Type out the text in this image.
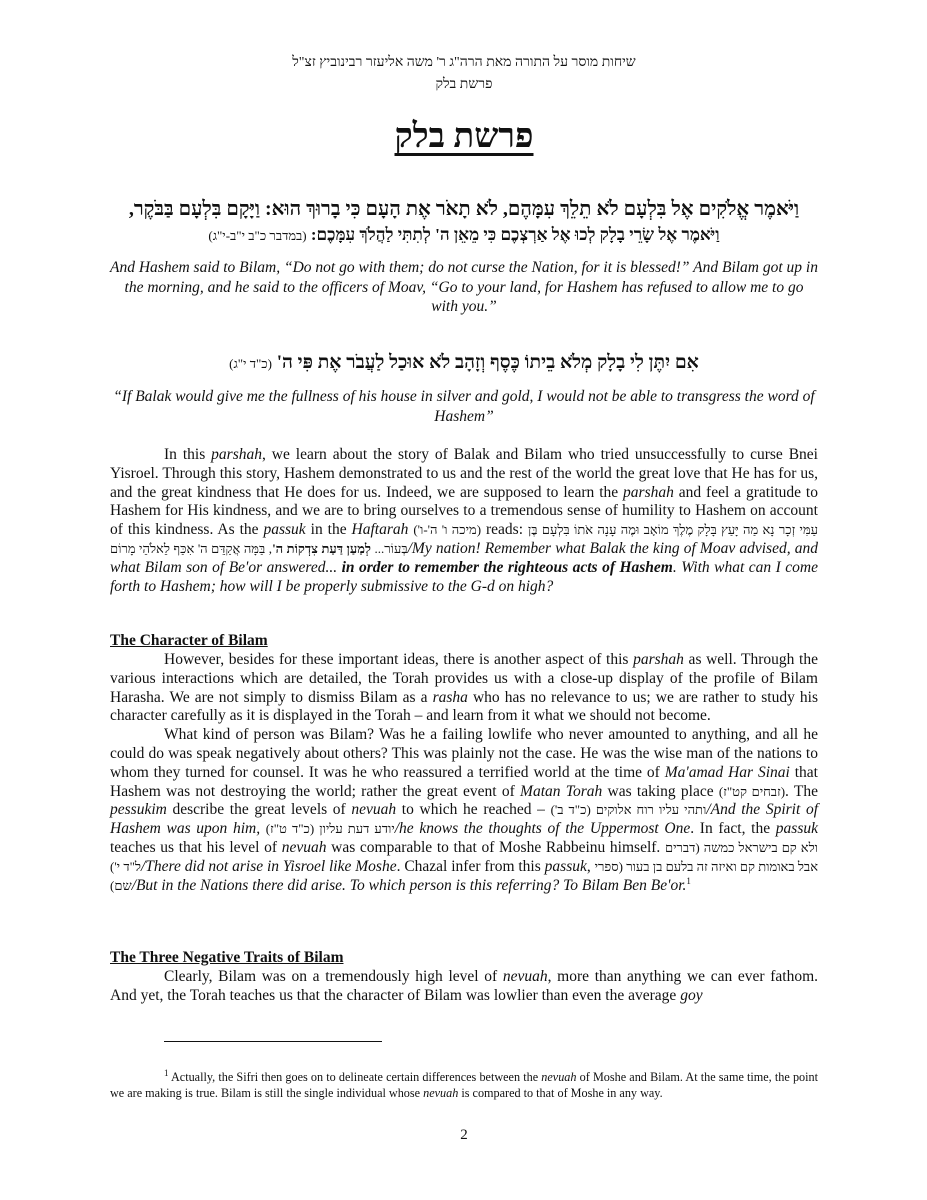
שיחות מוסר על התורה מאת הרה"ג ר' משה אליעזר רבינוביץ זצ"ל
פרשת בלק
פרשת בלק
וַיֹּאמֶר אֱלֹקִים אֶל בִּלְעָם לֹא תֵלֵךְ עִמָּהֶם, לֹא תָאֹר אֶת הָעָם כִּי בָרוּךְ הוּא: וַיָּקָם בִּלְעָם בַּבֹּקֶר,
וַיֹּאמֶר אֶל שָׂרֵי בָלָק לְכוּ אֶל אַרְצְכֶם כִּי מֵאֵן ה' לְתִתִּי לַהֲלֹךְ עִמָּכֶם: (במדבר כ"ב י"ב-י"ג)
And Hashem said to Bilam, “Do not go with them; do not curse the Nation, for it is blessed!” And Bilam got up in the morning, and he said to the officers of Moav, “Go to your land, for Hashem has refused to allow me to go with you.”
אִם יִתֶּן לִי בָלָק מְלֹא בֵיתוֹ כֶּסֶף וְזָהָב לֹא אוּכַל לַעֲבֹר אֶת פִּי ה' (כ"ד י"ג)
“If Balak would give me the fullness of his house in silver and gold, I would not be able to transgress the word of Hashem”

In this parshah, we learn about the story of Balak and Bilam who tried unsuccessfully to curse Bnei Yisroel. Through this story, Hashem demonstrated to us and the rest of the world the great love that He has for us, and the great kindness that He does for us. Indeed, we are supposed to learn the parshah and feel a gratitude to Hashem for His kindness, and we are to bring ourselves to a tremendous sense of humility to Hashem on account of this kindness. As the passuk in the Haftarah (מיכה ו' ה'-ו') reads: עַמִּי זְכָר נָא מַה יָּעַץ בָּלָק מֶלֶךְ מוֹאָב וּמֶה עָנָה אֹתוֹ בִּלְעָם בֶּן בְּעוֹר... לְמַעַן דַּעַת צִדְקוֹת ה', בַּמָּה אֲקַדֵּם ה' אִכַּף לֵאלֹהֵי מָרוֹם	/My nation! Remember what Balak the king of Moav advised, and what Bilam son of Be'or answered... in order to remember the righteous acts of Hashem. With what can I come forth to Hashem; how will I be properly submissive to the G-d on high?

The Character of Bilam

However, besides for these important ideas, there is another aspect of this parshah as well. Through the various interactions which are detailed, the Torah provides us with a close-up display of the profile of Bilam Harasha. We are not simply to dismiss Bilam as a rasha who has no relevance to us; we are rather to study his character carefully as it is displayed in the Torah – and learn from it what we should not become.

What kind of person was Bilam? Was he a failing lowlife who never amounted to anything, and all he could do was speak negatively about others? This was plainly not the case. He was the wise man of the nations to whom they turned for counsel. It was he who reassured a terrified world at the time of Ma'amad Har Sinai that Hashem was not destroying the world; rather the great event of Matan Torah was taking place (זבחים קט"ז). The pessukim describe the great levels of nevuah to which he reached – ותהי עליו רוח אלוקים (כ"ד ב')/And the Spirit of Hashem was upon him, יודע דעת עליון (כ"ד ט"ז)/he knows the thoughts of the Uppermost One. In fact, the passuk teaches us that his level of nevuah was comparable to that of Moshe Rabbeinu himself. ולא קם בישראל כמשה (דברים ל"ד י')/There did not arise in Yisroel like Moshe. Chazal infer from this passuk, אבל באומות קם ואיזה זה בלעם בן בעור (ספרי שם)/But in the Nations there did arise. To which person is this referring? To Bilam Ben Be'or.$^1$

The Three Negative Traits of Bilam

Clearly, Bilam was on a tremendously high level of nevuah, more than anything we can ever fathom. And yet, the Torah teaches us that the character of Bilam was lowlier than even the average goy

$^1$ Actually, the Sifri then goes on to delineate certain differences between the nevuah of Moshe and Bilam. At the same time, the point we are making is true. Bilam is still the single individual whose nevuah is compared to that of Moshe in any way.

2
